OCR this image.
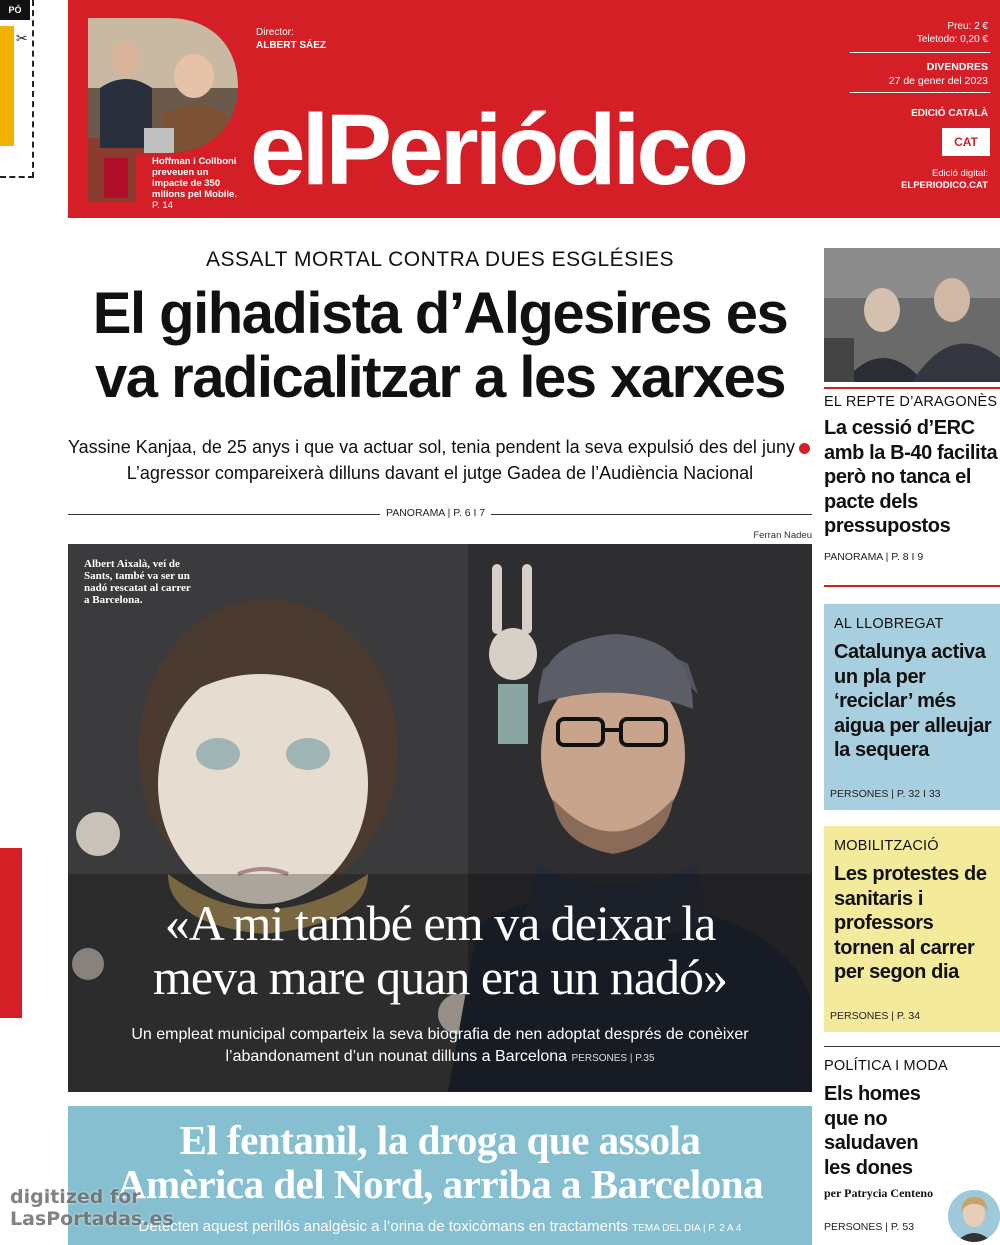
PÓ
✂
Hoffman i Collboni preveuen un impacte de 350 milions pel Mobile. P. 14
Director:
ALBERT SÁEZ
elPeriódico
Preu: 2 €
Teletodo: 0,20 €
DIVENDRES
27 de gener del 2023
EDICIÓ CATALÀ
CAT
Edició digital:
ELPERIODICO.CAT
ASSALT MORTAL CONTRA DUES ESGLÉSIES
El gihadista d’Algesires es
va radicalitzar a les xarxes
Yassine Kanjaa, de 25 anys i que va actuar sol, tenia pendent la seva expulsió des del junyL’agressor compareixerà dilluns davant el jutge Gadea de l’Audiència Nacional
PANORAMA | P. 6 I 7
Ferran Nadeu
Albert Aixalà, veí de Sants, també va ser un nadó rescatat al carrer a Barcelona.
«A mi també em va deixar la
meva mare quan era un nadó»
Un empleat municipal comparteix la seva biografia de nen adoptat després de conèixer l’abandonament d’un nounat dilluns a Barcelona PERSONES | P.35
El fentanil, la droga que assola
Amèrica del Nord, arriba a Barcelona
Detecten aquest perillós analgèsic a l’orina de toxicòmans en tractaments TEMA DEL DIA | P. 2 A 4
digitized for
LasPortadas.es
EL REPTE D’ARAGONÈS
La cessió d’ERC amb la B-40 facilita però no tanca el pacte dels pressupostos
PANORAMA | P. 8 I 9
AL LLOBREGAT
Catalunya activa un pla per ‘reciclar’ més aigua per alleujar la sequera
PERSONES | P. 32 I 33
MOBILITZACIÓ
Les protestes de sanitaris i professors tornen al carrer per segon dia
PERSONES | P. 34
POLÍTICA I MODA
Els homes que no saludaven les dones
per Patrycia Centeno
PERSONES | P. 53
